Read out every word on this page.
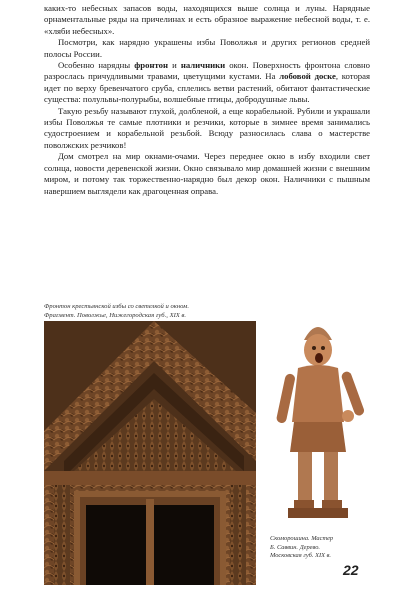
каких-то небесных запасов воды, находящихся выше солнца и луны. Нарядные орнаментальные ряды на причелинах и есть образное выражение небесной воды, т. е. «хляби небесных».

Посмотри, как нарядно украшены избы Поволжья и других регионов средней полосы России.

Особенно нарядны фронтон и наличники окон. Поверхность фронтона словно разрослась причудливыми травами, цветущими кустами. На лобовой доске, которая идет по верху бревенчатого сруба, сплелись ветви растений, обитают фантастические существа: полульвы-полурыбы, волшебные птицы, добродушные львы.

Такую резьбу называют глухой, долбленой, а еще корабельной. Рубили и украшали избы Поволжья те самые плотники и резчики, которые в зимнее время занимались судостроением и корабельной резьбой. Всюду разносилась слава о мастерстве поволжских резчиков!

Дом смотрел на мир окнами-очами. Через переднее окно в избу входили свет солнца, новости деревенской жизни. Окно связывало мир домашней жизни с внешним миром, и потому так торжественно-нарядно был декор окон. Наличники с пышным навершием выглядели как драгоценная оправа.

Фронтон крестьянской избы со светелкой и окном.
Фрагмент. Поволжье, Нижегородская губ., XIX в.
Скоморошина. Мастер
Б. Саввин. Дерево.
Московская губ. XIX в.
22
